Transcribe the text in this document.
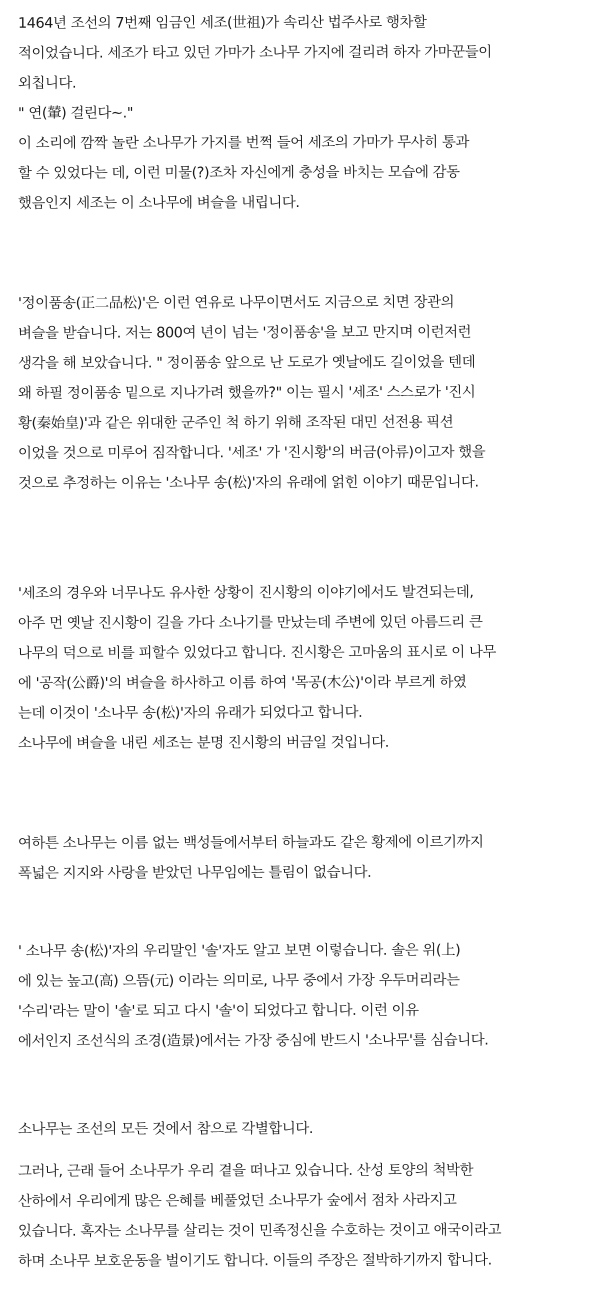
1464년 조선의 7번째 임금인 세조(世祖)가 속리산 법주사로 행차할
적이었습니다. 세조가 타고 있던 가마가 소나무 가지에 걸리려 하자 가마꾼들이
외칩니다.
" 연(輦) 걸린다~."
이 소리에 깜짝 놀란 소나무가 가지를 번쩍 들어 세조의 가마가 무사히 통과
할 수 있었다는 데, 이런 미물(?)조차 자신에게 충성을 바치는 모습에 감동
했음인지 세조는 이 소나무에 벼슬을 내립니다.
'정이품송(正二品松)'은 이런 연유로 나무이면서도 지금으로 치면 장관의
벼슬을 받습니다. 저는 800여 년이 넘는 '정이품송'을 보고 만지며 이런저런
생각을 해 보았습니다. " 정이품송 앞으로 난 도로가 옛날에도 길이었을 텐데
왜 하필 정이품송 밑으로 지나가려 했을까?" 이는 필시 '세조' 스스로가 '진시
황(秦始皇)'과 같은 위대한 군주인 척 하기 위해 조작된 대민 선전용 픽션
이었을 것으로 미루어 짐작합니다. '세조' 가 '진시황'의 버금(아류)이고자 했을
것으로 추정하는 이유는 '소나무 송(松)'자의 유래에 얽힌 이야기 때문입니다.
'세조의 경우와 너무나도 유사한 상황이 진시황의 이야기에서도 발견되는데,
아주 먼 옛날 진시황이 길을 가다 소나기를 만났는데 주변에 있던 아름드리 큰
나무의 덕으로 비를 피할수 있었다고 합니다. 진시황은 고마움의 표시로 이 나무
에 '공작(公爵)'의 벼슬을 하사하고 이름 하여 '목공(木公)'이라 부르게 하였
는데 이것이 '소나무 송(松)'자의 유래가 되었다고 합니다.
소나무에 벼슬을 내린 세조는 분명 진시황의 버금일 것입니다.
여하튼 소나무는 이름 없는 백성들에서부터 하늘과도 같은 황제에 이르기까지
폭넓은 지지와 사랑을 받았던 나무임에는 틀림이 없습니다.
' 소나무 송(松)'자의 우리말인 '솔'자도 알고 보면 이렇습니다. 솔은 위(上)
에 있는 높고(高) 으뜸(元) 이라는 의미로, 나무 중에서 가장 우두머리라는
'수리'라는 말이 '솔'로 되고 다시 '솔'이 되었다고 합니다. 이런 이유
에서인지 조선식의 조경(造景)에서는 가장 중심에 반드시 '소나무'를 심습니다.
소나무는 조선의 모든 것에서 참으로 각별합니다.
그러나, 근래 들어 소나무가 우리 곁을 떠나고 있습니다. 산성 토양의 척박한
산하에서 우리에게 많은 은혜를 베풀었던 소나무가 숲에서 점차 사라지고
있습니다. 혹자는 소나무를 살리는 것이 민족정신을 수호하는 것이고 애국이라고
하며 소나무 보호운동을 벌이기도 합니다. 이들의 주장은 절박하기까지 합니다.
